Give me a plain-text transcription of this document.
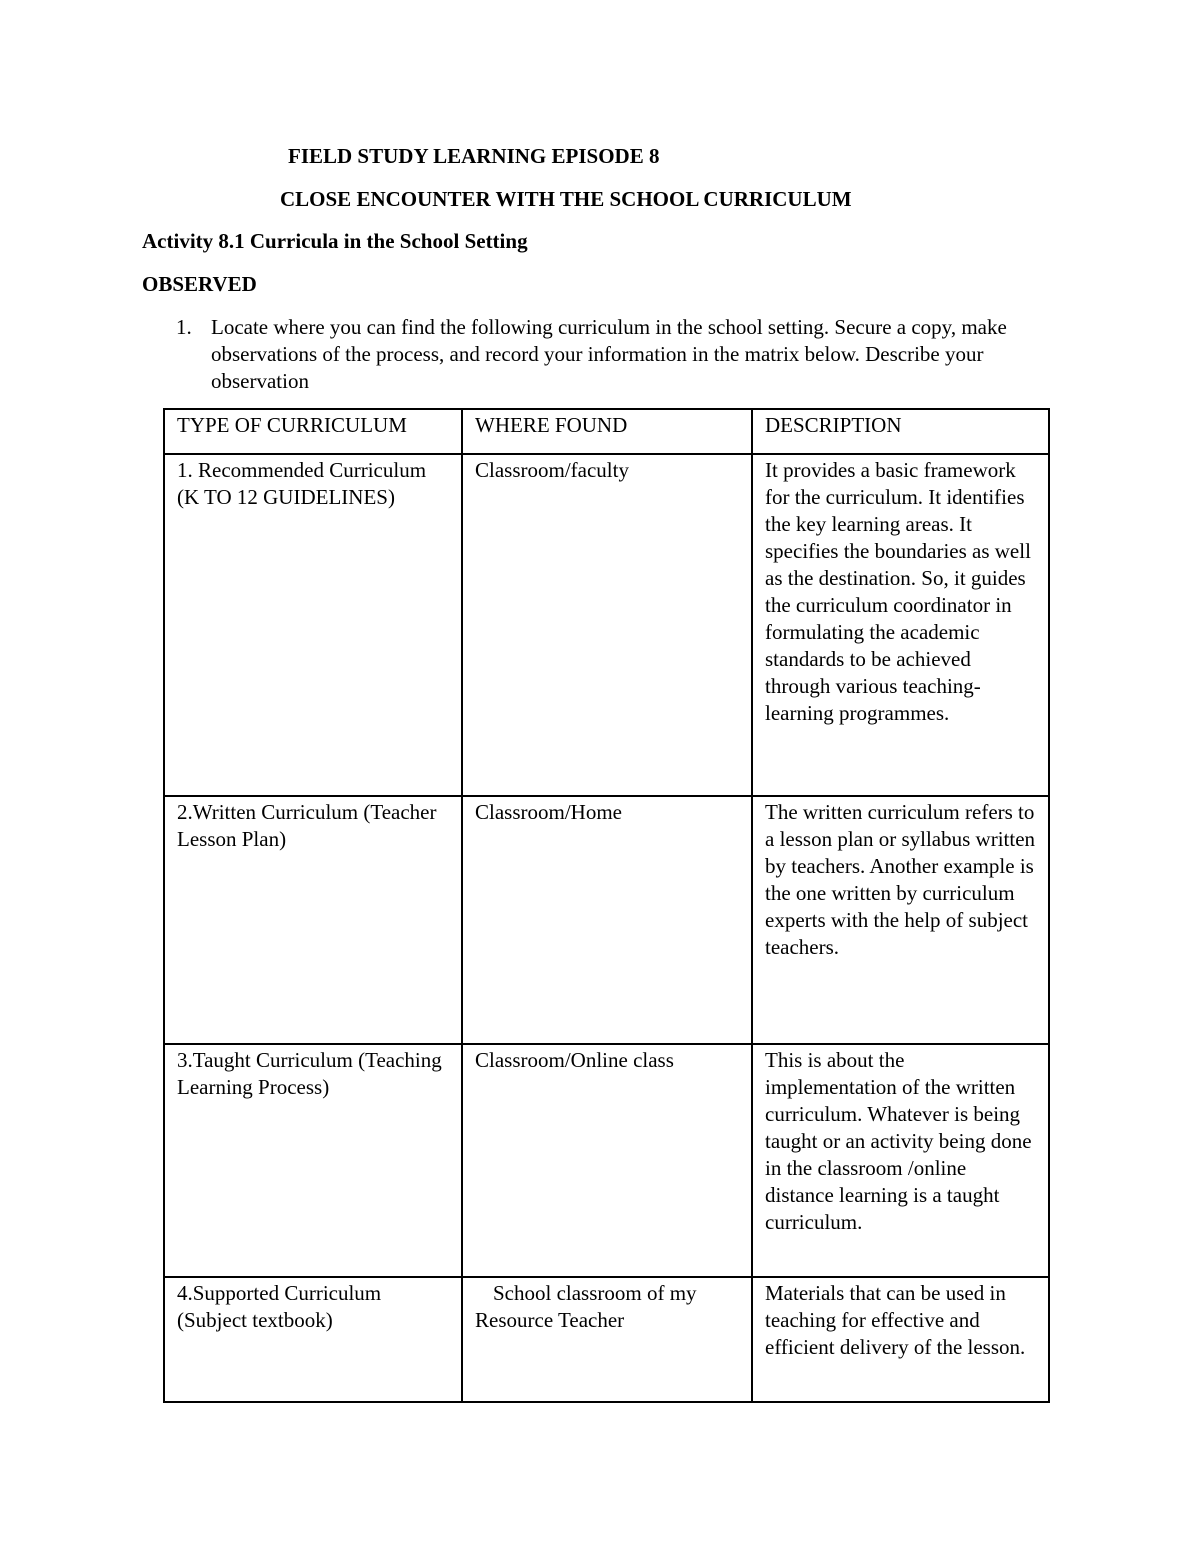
FIELD STUDY LEARNING EPISODE 8
CLOSE ENCOUNTER WITH THE SCHOOL CURRICULUM
Activity 8.1 Curricula in the School Setting
OBSERVED
1. Locate where you can find the following curriculum in the school setting. Secure a copy, make observations of the process, and record your information in the matrix below. Describe your observation
TYPE OF CURRICULUM	WHERE FOUND	DESCRIPTION
1. Recommended Curriculum (K TO 12 GUIDELINES)	Classroom/faculty	It provides a basic framework for the curriculum. It identifies the key learning areas. It specifies the boundaries as well as the destination. So, it guides the curriculum coordinator in formulating the academic standards to be achieved through various teaching-learning programmes.
2.Written Curriculum (Teacher Lesson Plan)	Classroom/Home	The written curriculum refers to a lesson plan or syllabus written by teachers. Another example is the one written by curriculum experts with the help of subject teachers.
3.Taught Curriculum (Teaching Learning Process)	Classroom/Online class	This is about the implementation of the written curriculum. Whatever is being taught or an activity being done in the classroom /online distance learning is a taught curriculum.
4.Supported Curriculum (Subject textbook)	School classroom of my Resource Teacher	Materials that can be used in teaching for effective and efficient delivery of the lesson.
